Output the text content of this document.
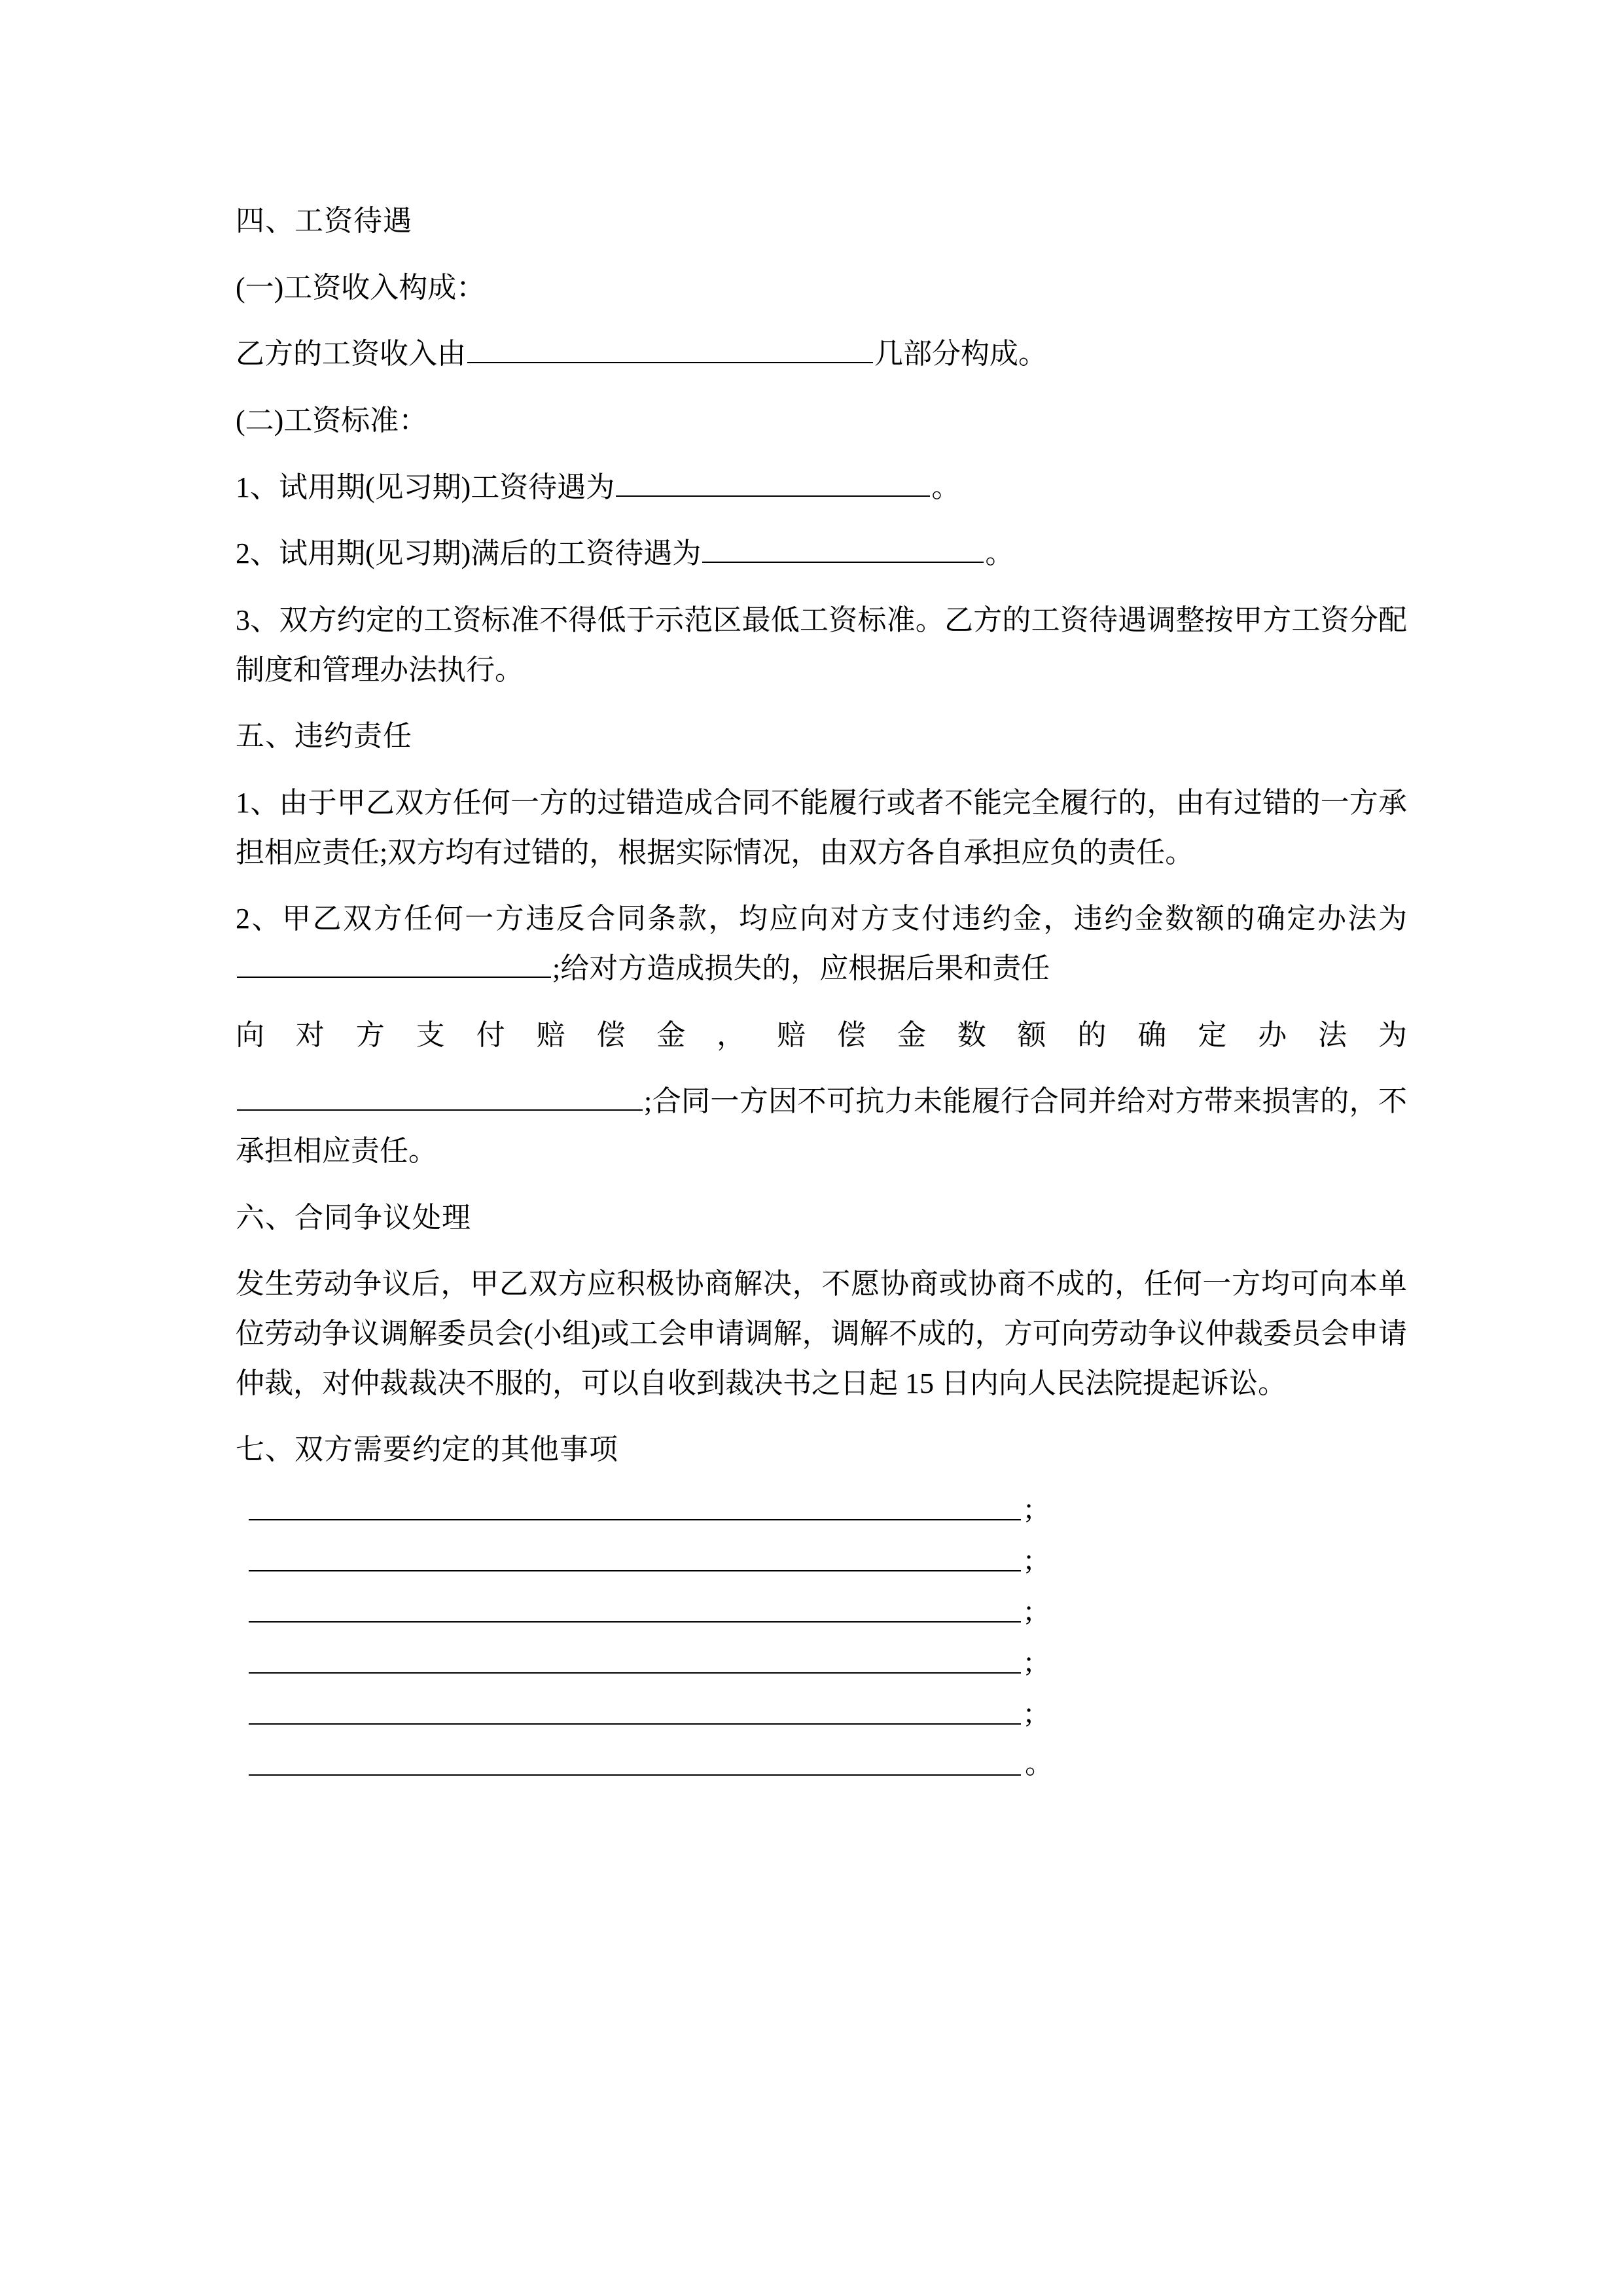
四、工资待遇

(一)工资收入构成：

乙方的工资收入由	几部分构成。

(二)工资标准：

1、试用期(见习期)工资待遇为	。

2、试用期(见习期)满后的工资待遇为	。

3、双方约定的工资标准不得低于示范区最低工资标准。乙方的工资待遇调整按甲方工资分配制度和管理办法执行。

五、违约责任

1、由于甲乙双方任何一方的过错造成合同不能履行或者不能完全履行的，由有过错的一方承担相应责任;双方均有过错的，根据实际情况，由双方各自承担应负的责任。

2、甲乙双方任何一方违反合同条款，均应向对方支付违约金，违约金数额的确定办法为;给对方造成损失的，应根据后果和责任

向 对 方 支 付 赔 偿 金 ， 赔 偿 金 数 额 的 确 定 办 法 为

;合同一方因不可抗力未能履行合同并给对方带来损害的，不承担相应责任。

六、合同争议处理

发生劳动争议后，甲乙双方应积极协商解决，不愿协商或协商不成的，任何一方均可向本单位劳动争议调解委员会(小组)或工会申请调解，调解不成的，方可向劳动争议仲裁委员会申请仲裁，对仲裁裁决不服的，可以自收到裁决书之日起 15 日内向人民法院提起诉讼。

七、双方需要约定的其他事项

;
;
;
;
;
。
